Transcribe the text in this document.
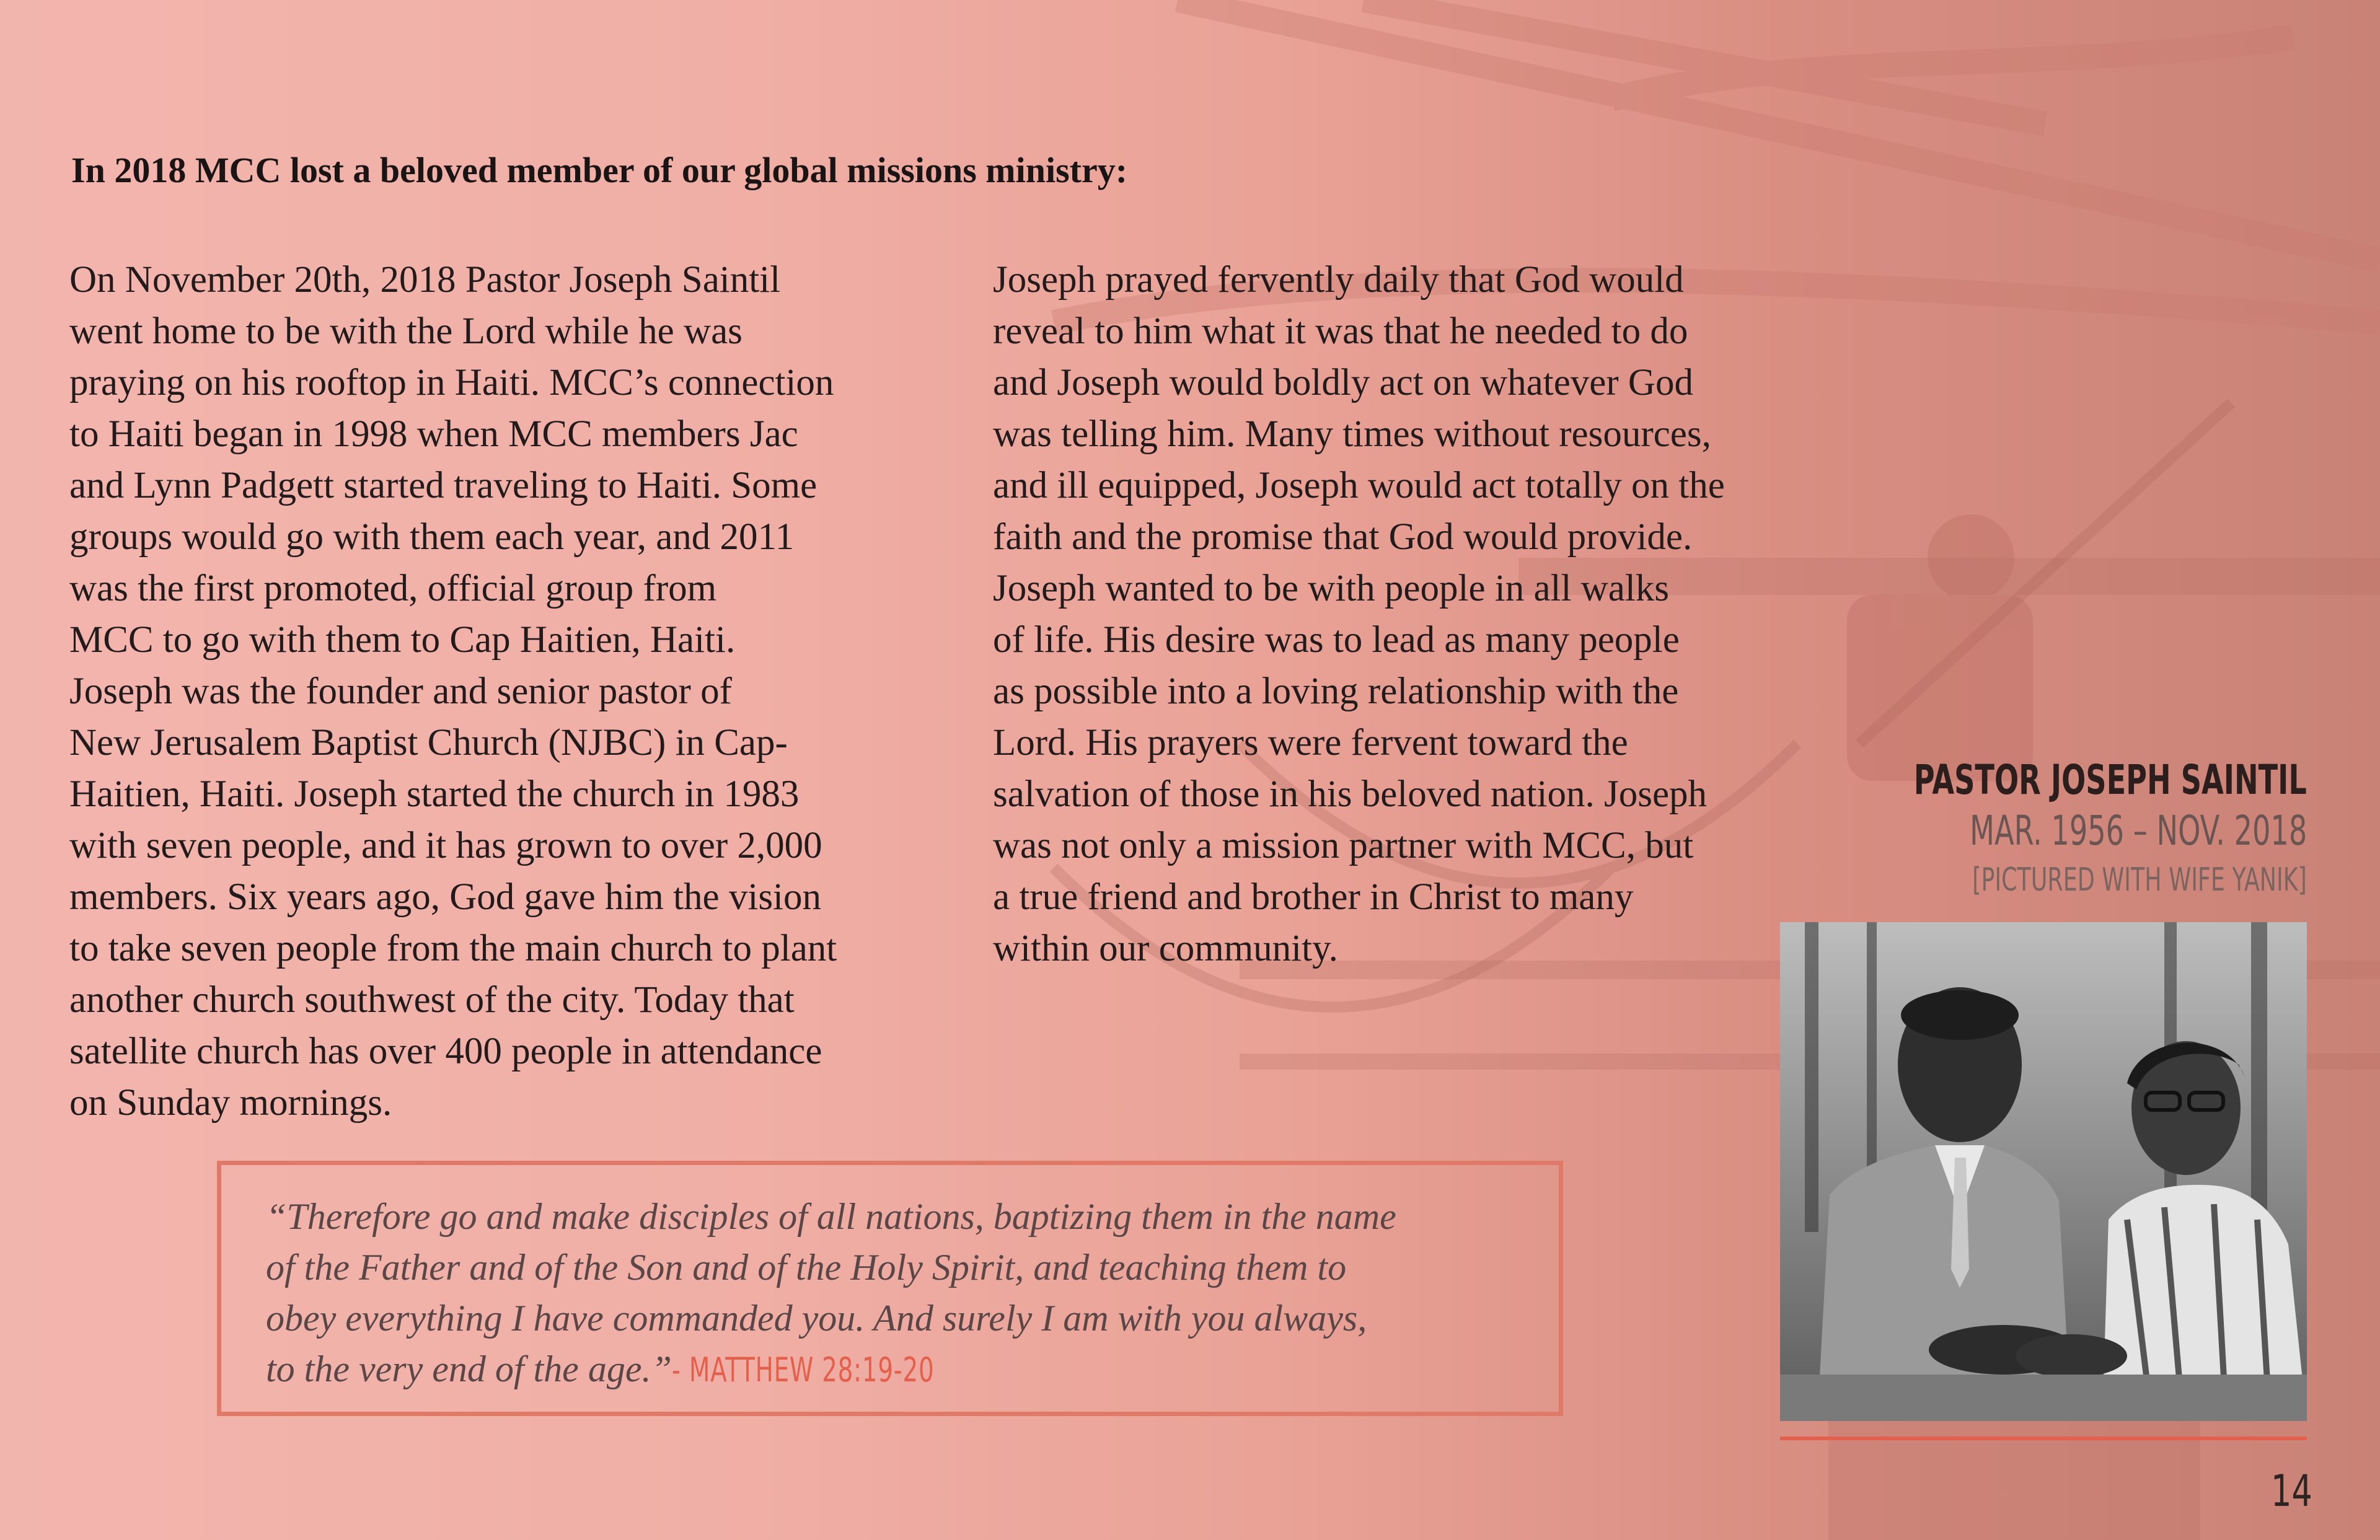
In 2018 MCC lost a beloved member of our global missions ministry:
On November 20th, 2018 Pastor Joseph Saintil
went home to be with the Lord while he was
praying on his rooftop in Haiti. MCC’s connection
to Haiti began in 1998 when MCC members Jac
and Lynn Padgett started traveling to Haiti. Some
groups would go with them each year, and 2011
was the first promoted, official group from
MCC to go with them to Cap Haitien, Haiti.
Joseph was the founder and senior pastor of
New Jerusalem Baptist Church (NJBC) in Cap-
Haitien, Haiti. Joseph started the church in 1983
with seven people, and it has grown to over 2,000
members. Six years ago, God gave him the vision
to take seven people from the main church to plant
another church southwest of the city. Today that
satellite church has over 400 people in attendance
on Sunday mornings.
Joseph prayed fervently daily that God would
reveal to him what it was that he needed to do
and Joseph would boldly act on whatever God
was telling him. Many times without resources,
and ill equipped, Joseph would act totally on the
faith and the promise that God would provide.
Joseph wanted to be with people in all walks
of life. His desire was to lead as many people
as possible into a loving relationship with the
Lord. His prayers were fervent toward the
salvation of those in his beloved nation. Joseph
was not only a mission partner with MCC, but
a true friend and brother in Christ to many
within our community.
“Therefore go and make disciples of all nations, baptizing them in the name
of the Father and of the Son and of the Holy Spirit, and teaching them to
obey everything I have commanded you. And surely I am with you always,
to the very end of the age.”- MATTHEW 28:19-20
PASTOR JOSEPH SAINTIL
MAR. 1956 – NOV. 2018
[PICTURED WITH WIFE YANIK]
14
